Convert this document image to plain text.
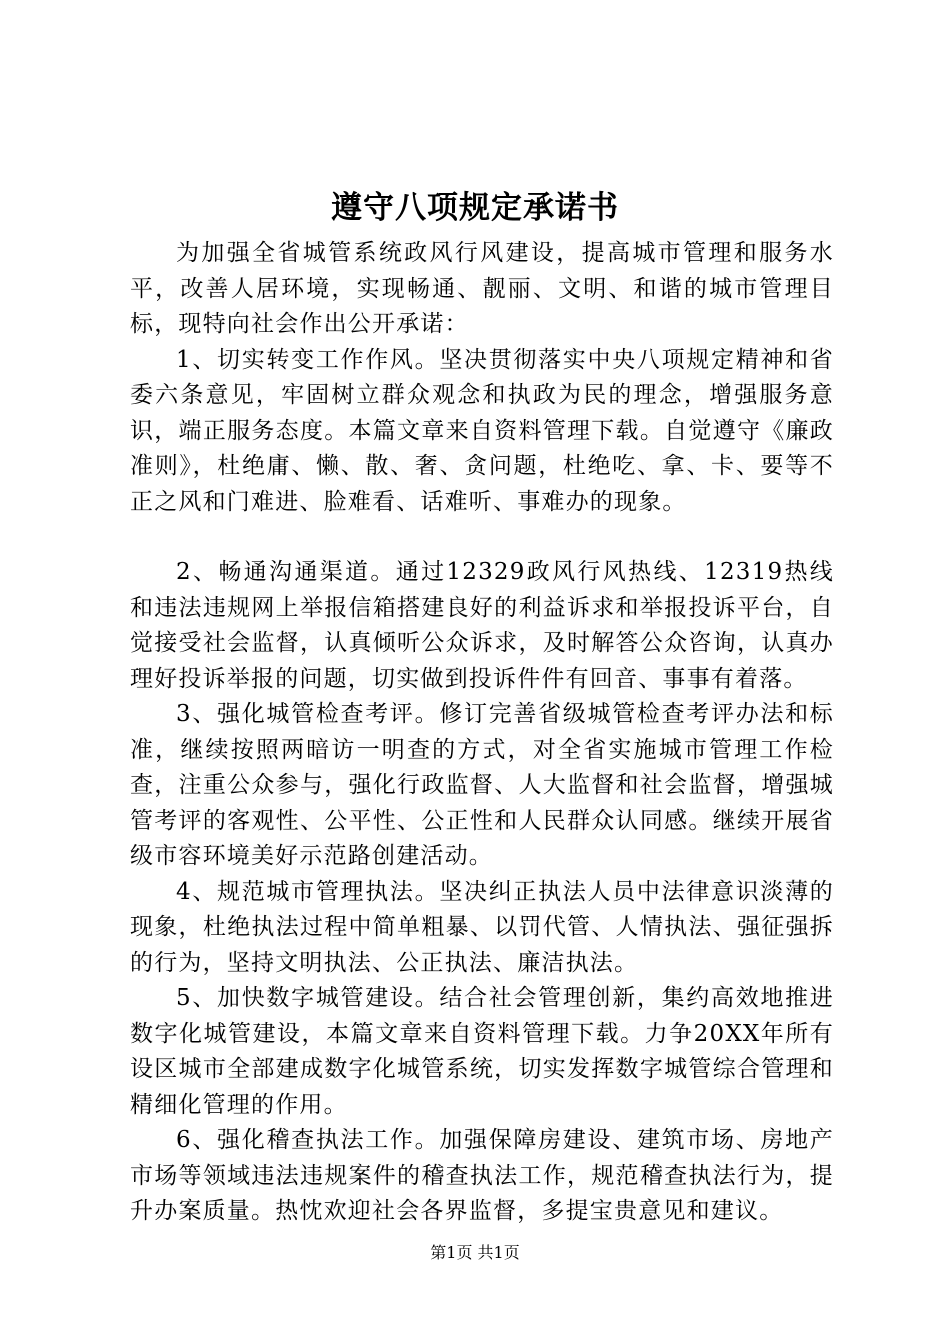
遵守八项规定承诺书

为加强全省城管系统政风行风建设，提高城市管理和服务水平，改善人居环境，实现畅通、靓丽、文明、和谐的城市管理目标，现特向社会作出公开承诺：

1、切实转变工作作风。坚决贯彻落实中央八项规定精神和省委六条意见，牢固树立群众观念和执政为民的理念，增强服务意识，端正服务态度。本篇文章来自资料管理下载。自觉遵守《廉政准则》，杜绝庸、懒、散、奢、贪问题，杜绝吃、拿、卡、要等不正之风和门难进、脸难看、话难听、事难办的现象。

2、畅通沟通渠道。通过12329政风行风热线、12319热线和违法违规网上举报信箱搭建良好的利益诉求和举报投诉平台，自觉接受社会监督，认真倾听公众诉求，及时解答公众咨询，认真办理好投诉举报的问题，切实做到投诉件件有回音、事事有着落。

3、强化城管检查考评。修订完善省级城管检查考评办法和标准，继续按照两暗访一明查的方式，对全省实施城市管理工作检查，注重公众参与，强化行政监督、人大监督和社会监督，增强城管考评的客观性、公平性、公正性和人民群众认同感。继续开展省级市容环境美好示范路创建活动。

4、规范城市管理执法。坚决纠正执法人员中法律意识淡薄的现象，杜绝执法过程中简单粗暴、以罚代管、人情执法、强征强拆的行为，坚持文明执法、公正执法、廉洁执法。

5、加快数字城管建设。结合社会管理创新，集约高效地推进数字化城管建设，本篇文章来自资料管理下载。力争20XX年所有设区城市全部建成数字化城管系统，切实发挥数字城管综合管理和精细化管理的作用。

6、强化稽查执法工作。加强保障房建设、建筑市场、房地产市场等领域违法违规案件的稽查执法工作，规范稽查执法行为，提升办案质量。热忱欢迎社会各界监督，多提宝贵意见和建议。

第1页 共1页
